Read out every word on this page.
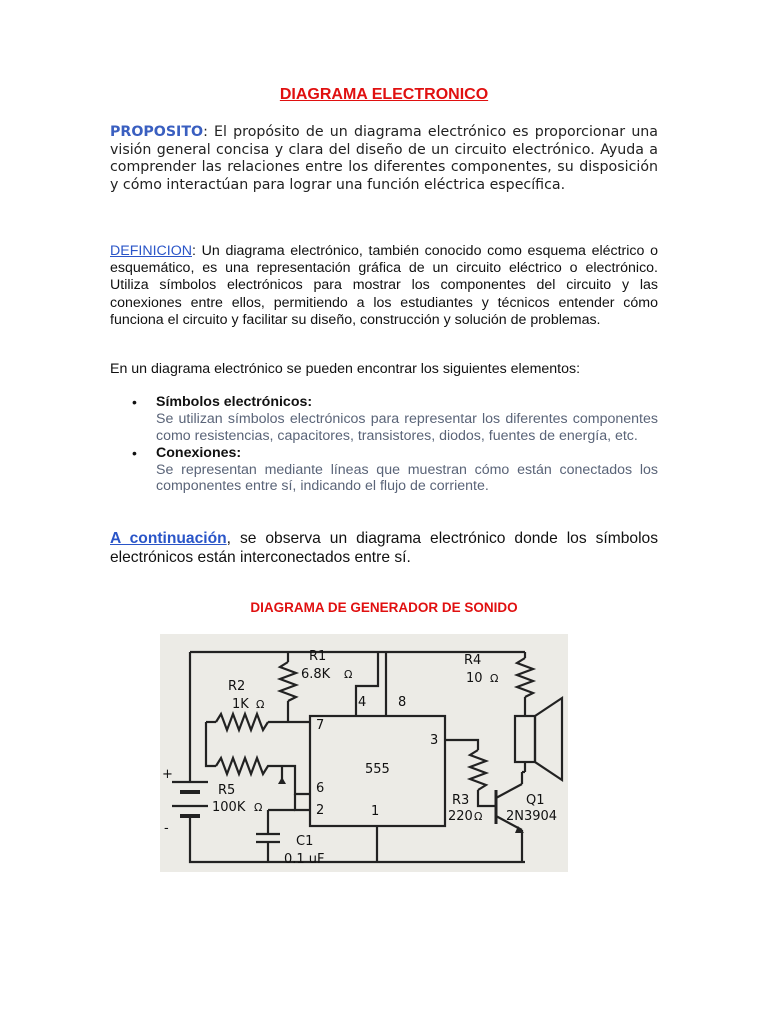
DIAGRAMA ELECTRONICO
PROPOSITO: El propósito de un diagrama electrónico es proporcionar una visión general concisa y clara del diseño de un circuito electrónico. Ayuda a comprender las relaciones entre los diferentes componentes, su disposición y cómo interactúan para lograr una función eléctrica específica.
DEFINICION: Un diagrama electrónico, también conocido como esquema eléctrico o esquemático, es una representación gráfica de un circuito eléctrico o electrónico. Utiliza símbolos electrónicos para mostrar los componentes del circuito y las conexiones entre ellos, permitiendo a los estudiantes y técnicos entender cómo funciona el circuito y facilitar su diseño, construcción y solución de problemas.
En un diagrama electrónico se pueden encontrar los siguientes elementos:
• Símbolos electrónicos:
Se utilizan símbolos electrónicos para representar los diferentes componentes como resistencias, capacitores, transistores, diodos, fuentes de energía, etc.
• Conexiones:
Se representan mediante líneas que muestran cómo están conectados los componentes entre sí, indicando el flujo de corriente.
A continuación, se observa un diagrama electrónico donde los símbolos electrónicos están interconectados entre sí.
DIAGRAMA DE GENERADOR DE SONIDO
R1
6.8K
R2
1K
R5
100K
R4
10
R3
220
Q1
2N3904
C1
0.1 uF
555
4 8
7
3
6
2	1
+
-
Ω
Ω
Ω	Ω
Ω
